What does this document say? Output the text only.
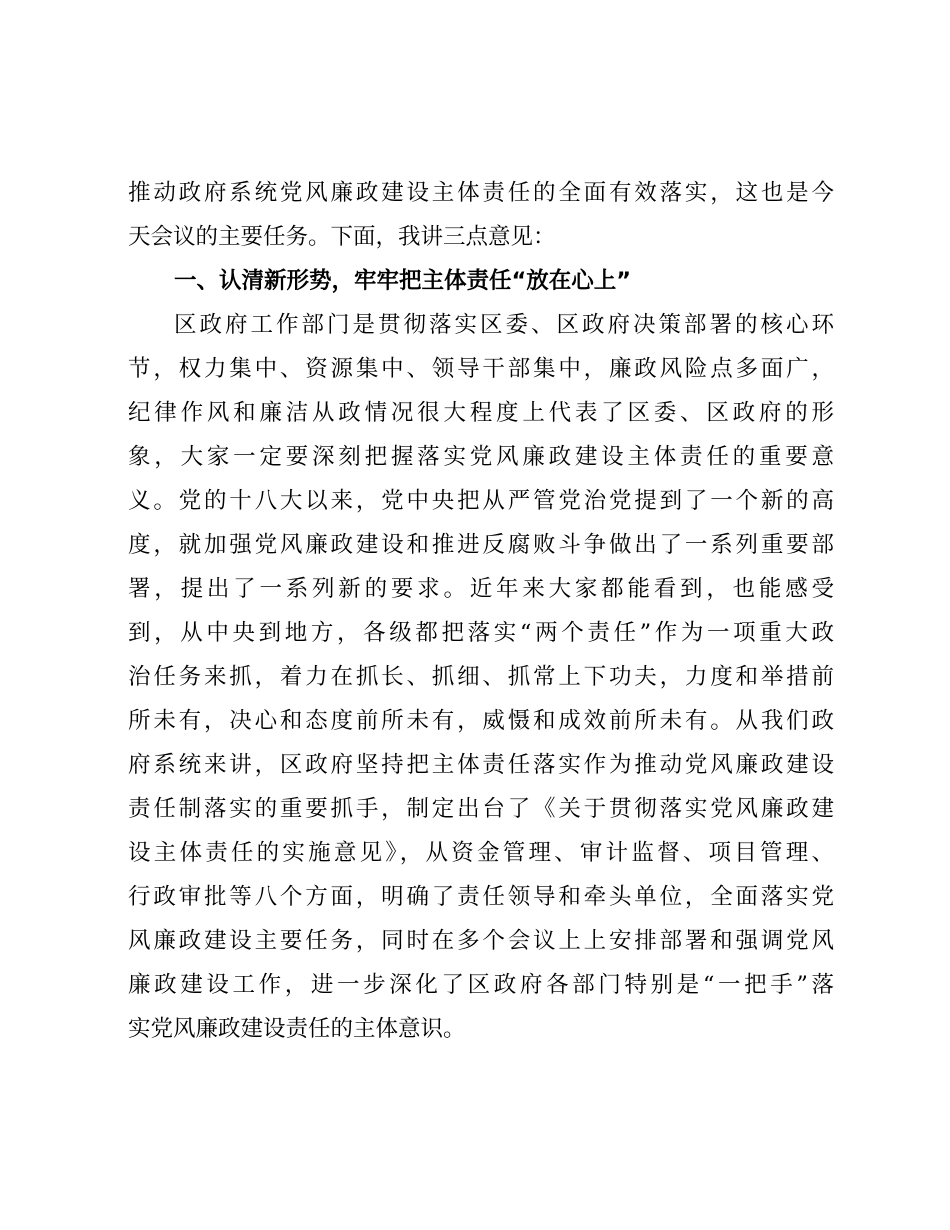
推动政府系统党风廉政建设主体责任的全面有效落实，这也是今
天会议的主要任务。下面，我讲三点意见：
一、认清新形势，牢牢把主体责任“放在心上”
区政府工作部门是贯彻落实区委、区政府决策部署的核心环
节，权力集中、资源集中、领导干部集中，廉政风险点多面广，
纪律作风和廉洁从政情况很大程度上代表了区委、区政府的形
象，大家一定要深刻把握落实党风廉政建设主体责任的重要意
义。党的十八大以来，党中央把从严管党治党提到了一个新的高
度，就加强党风廉政建设和推进反腐败斗争做出了一系列重要部
署，提出了一系列新的要求。近年来大家都能看到，也能感受
到，从中央到地方，各级都把落实“两个责任”作为一项重大政
治任务来抓，着力在抓长、抓细、抓常上下功夫，力度和举措前
所未有，决心和态度前所未有，威慑和成效前所未有。从我们政
府系统来讲，区政府坚持把主体责任落实作为推动党风廉政建设
责任制落实的重要抓手，制定出台了《关于贯彻落实党风廉政建
设主体责任的实施意见》，从资金管理、审计监督、项目管理、
行政审批等八个方面，明确了责任领导和牵头单位，全面落实党
风廉政建设主要任务，同时在多个会议上上安排部署和强调党风
廉政建设工作，进一步深化了区政府各部门特别是“一把手”落
实党风廉政建设责任的主体意识。
